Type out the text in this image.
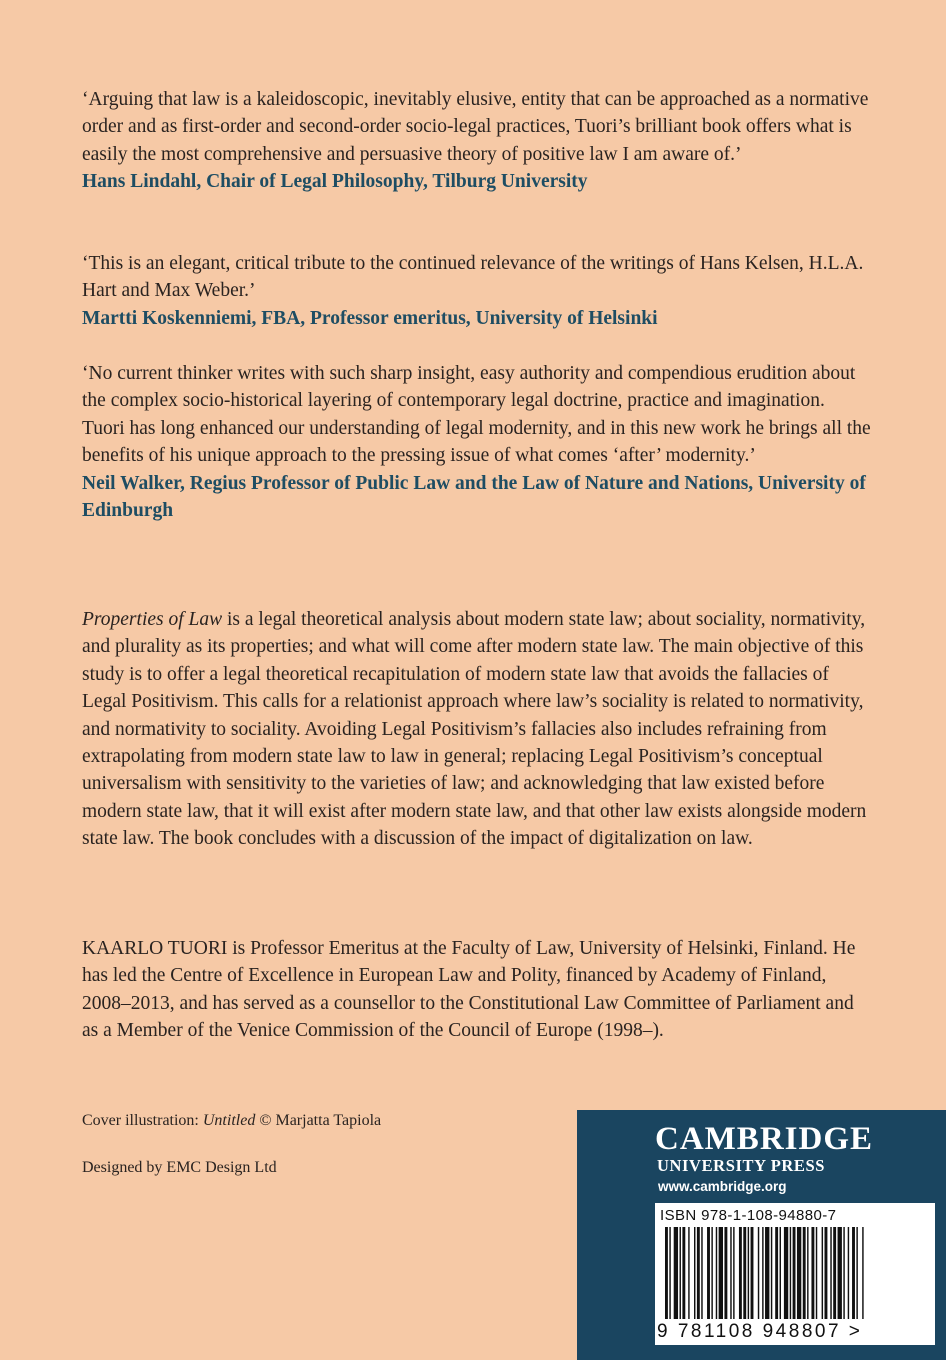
‘Arguing that law is a kaleidoscopic, inevitably elusive, entity that can be approached as a normative order and as first-order and second-order socio-legal practices, Tuori’s brilliant book offers what is easily the most comprehensive and persuasive theory of positive law I am aware of.’

Hans Lindahl, Chair of Legal Philosophy, Tilburg University

‘This is an elegant, critical tribute to the continued relevance of the writings of Hans Kelsen, H.L.A. Hart and Max Weber.’

Martti Koskenniemi, FBA, Professor emeritus, University of Helsinki

‘No current thinker writes with such sharp insight, easy authority and compendious erudition about the complex socio-historical layering of contemporary legal doctrine, practice and imagination. Tuori has long enhanced our understanding of legal modernity, and in this new work he brings all the benefits of his unique approach to the pressing issue of what comes ‘after’ modernity.’

Neil Walker, Regius Professor of Public Law and the Law of Nature and Nations, University of Edinburgh

Properties of Law is a legal theoretical analysis about modern state law; about sociality, normativity, and plurality as its properties; and what will come after modern state law. The main objective of this study is to offer a legal theoretical recapitulation of modern state law that avoids the fallacies of Legal Positivism. This calls for a relationist approach where law’s sociality is related to normativity, and normativity to sociality. Avoiding Legal Positivism’s fallacies also includes refraining from extrapolating from modern state law to law in general; replacing Legal Positivism’s conceptual universalism with sensitivity to the varieties of law; and acknowledging that law existed before modern state law, that it will exist after modern state law, and that other law exists alongside modern state law. The book concludes with a discussion of the impact of digitalization on law.

KAARLO TUORI is Professor Emeritus at the Faculty of Law, University of Helsinki, Finland. He has led the Centre of Excellence in European Law and Polity, financed by Academy of Finland, 2008–2013, and has served as a counsellor to the Constitutional Law Committee of Parliament and as a Member of the Venice Commission of the Council of Europe (1998–).

Cover illustration: Untitled © Marjatta Tapiola
Designed by EMC Design Ltd
CAMBRIDGE
UNIVERSITY PRESS
www.cambridge.org
ISBN 978-1-108-94880-7
9 781108 948807 >
